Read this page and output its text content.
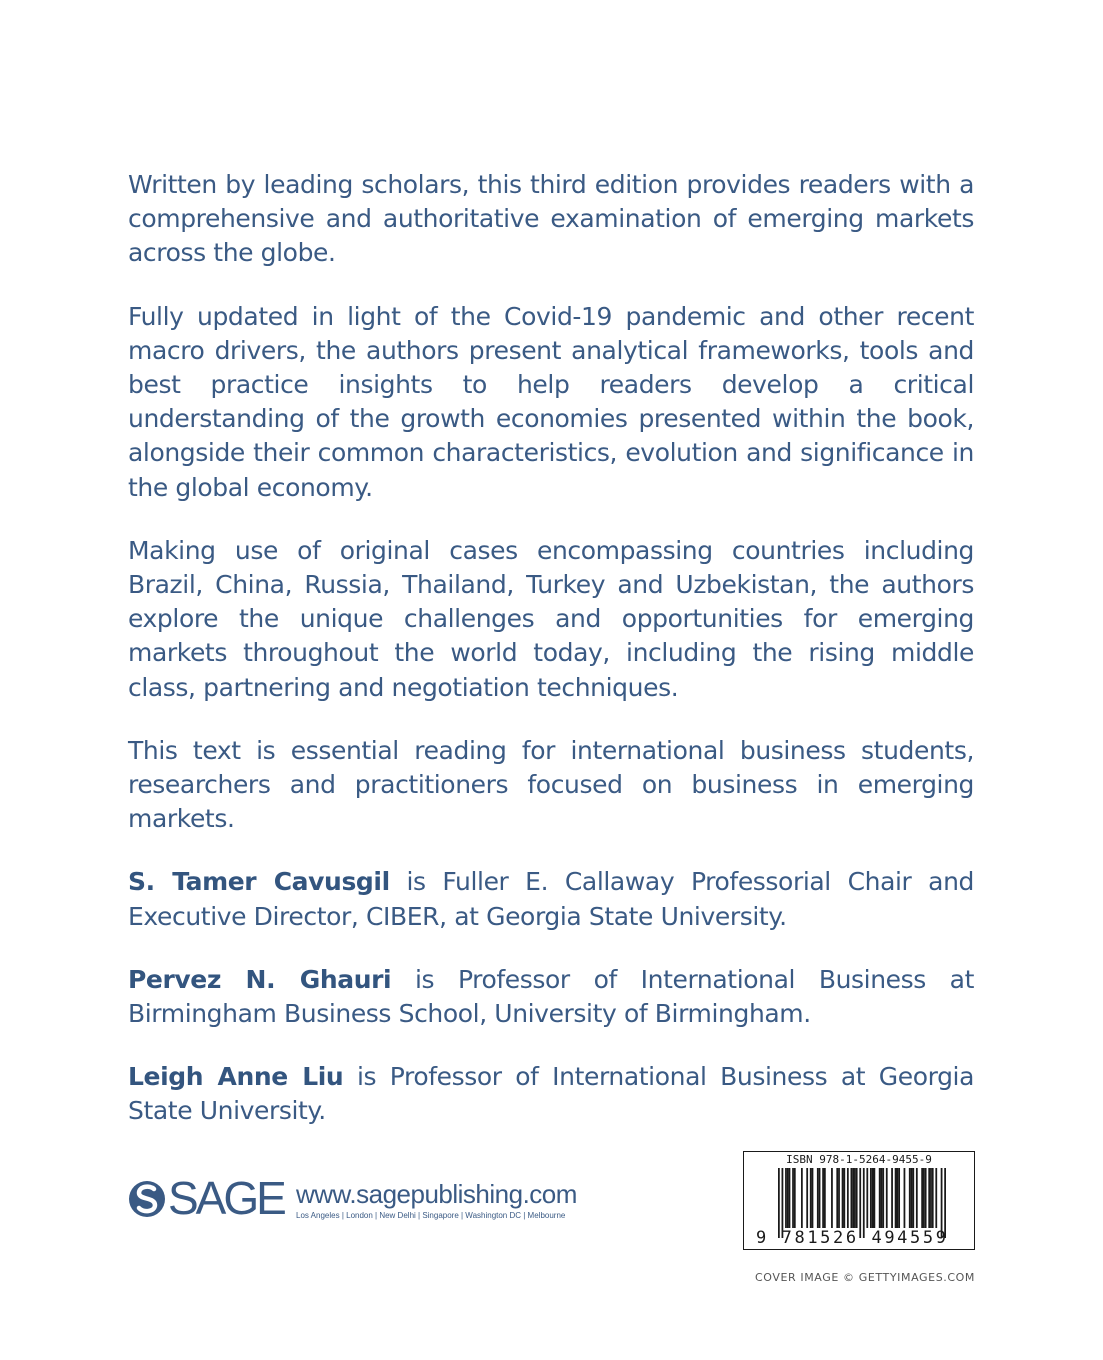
Written by leading scholars, this third edition provides readers with a comprehensive and authoritative examination of emerging markets across the globe.

Fully updated in light of the Covid-19 pandemic and other recent macro drivers, the authors present analytical frameworks, tools and best practice insights to help readers develop a critical understanding of the growth economies presented within the book, alongside their common characteristics, evolution and significance in the global economy.

Making use of original cases encompassing countries including Brazil, China, Russia, Thailand, Turkey and Uzbekistan, the authors explore the unique challenges and opportunities for emerging markets throughout the world today, including the rising middle class, partnering and negotiation techniques.

This text is essential reading for international business students, researchers and practitioners focused on business in emerging markets.

S. Tamer Cavusgil is Fuller E. Callaway Professorial Chair and Executive Director, CIBER, at Georgia State University.

Pervez N. Ghauri is Professor of International Business at Birmingham Business School, University of Birmingham.

Leigh Anne Liu is Professor of International Business at Georgia State University.

SAGE www.sagepublishing.com
Los Angeles | London | New Delhi | Singapore | Washington DC | Melbourne
ISBN 978-1-5264-9455-9
9 781526 494559
COVER IMAGE © GETTYIMAGES.COM
